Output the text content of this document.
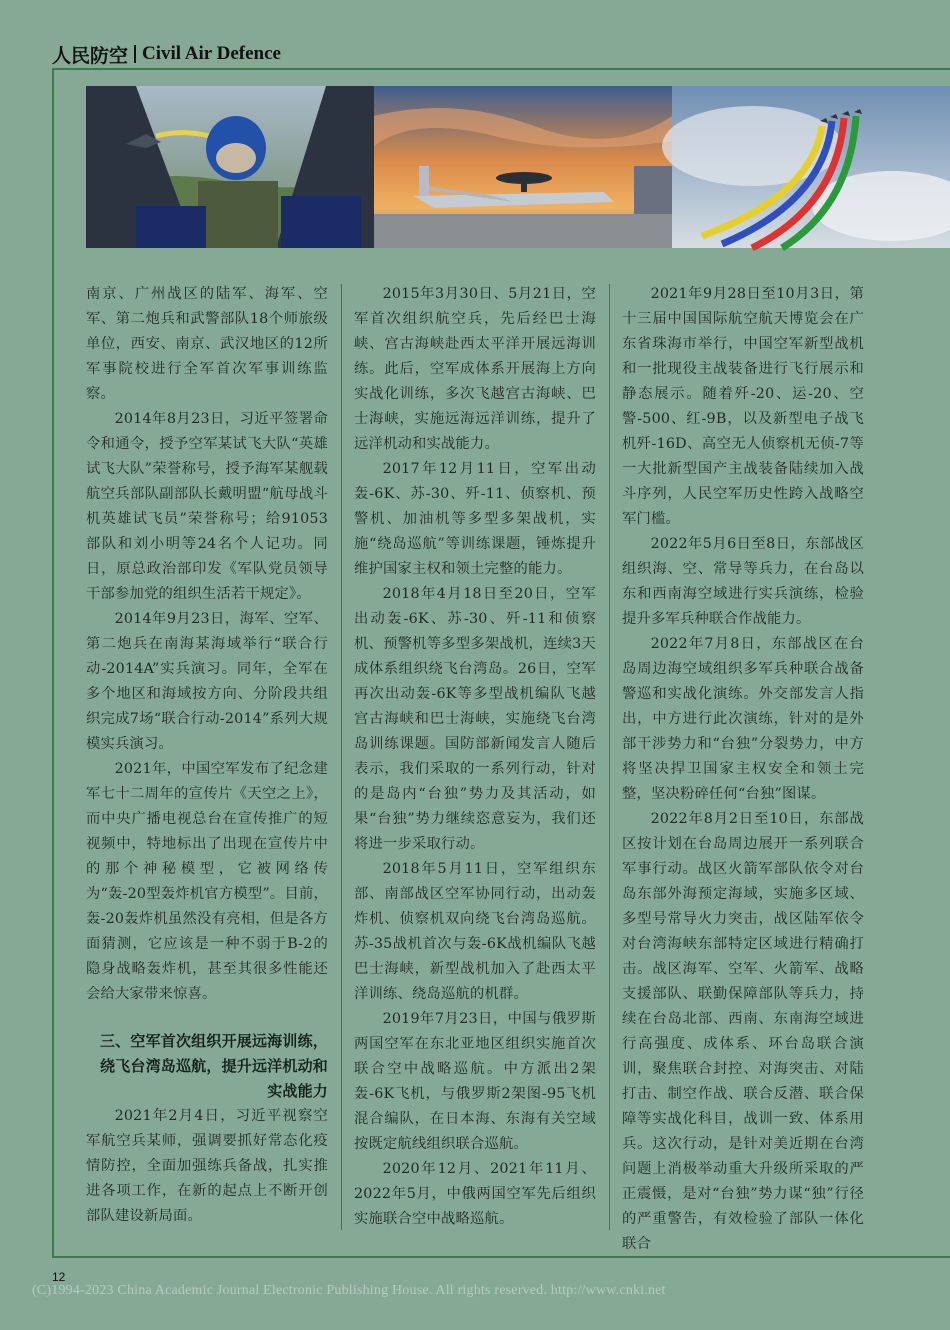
人民防空 Civil Air Defence

南京、广州战区的陆军、海军、空军、第二炮兵和武警部队18个师旅级单位，西安、南京、武汉地区的12所军事院校进行全军首次军事训练监察。

2014年8月23日，习近平签署命令和通令，授予空军某试飞大队“英雄试飞大队”荣誉称号，授予海军某舰载航空兵部队副部队长戴明盟“航母战斗机英雄试飞员”荣誉称号；给91053部队和刘小明等24名个人记功。同日，原总政治部印发《军队党员领导干部参加党的组织生活若干规定》。

2014年9月23日，海军、空军、第二炮兵在南海某海域举行“联合行动-2014A”实兵演习。同年，全军在多个地区和海域按方向、分阶段共组织完成7场“联合行动-2014”系列大规模实兵演习。

2021年，中国空军发布了纪念建军七十二周年的宣传片《天空之上》，而中央广播电视总台在宣传推广的短视频中，特地标出了出现在宣传片中的那个神秘模型，它被网络传为“轰-20型轰炸机官方模型”。目前，轰-20轰炸机虽然没有亮相，但是各方面猜测，它应该是一种不弱于B-2的隐身战略轰炸机，甚至其很多性能还会给大家带来惊喜。

三、空军首次组织开展远海训练，绕飞台湾岛巡航，提升远洋机动和实战能力

2021年2月4日，习近平视察空军航空兵某师，强调要抓好常态化疫情防控，全面加强练兵备战，扎实推进各项工作，在新的起点上不断开创部队建设新局面。

2015年3月30日、5月21日，空军首次组织航空兵，先后经巴士海峡、宫古海峡赴西太平洋开展远海训练。此后，空军成体系开展海上方向实战化训练，多次飞越宫古海峡、巴士海峡，实施远海远洋训练，提升了远洋机动和实战能力。

2017年12月11日，空军出动轰-6K、苏-30、歼-11、侦察机、预警机、加油机等多型多架战机，实施“绕岛巡航”等训练课题，锤炼提升维护国家主权和领土完整的能力。

2018年4月18日至20日，空军出动轰-6K、苏-30、歼-11和侦察机、预警机等多型多架战机，连续3天成体系组织绕飞台湾岛。26日，空军再次出动轰-6K等多型战机编队飞越宫古海峡和巴士海峡，实施绕飞台湾岛训练课题。国防部新闻发言人随后表示，我们采取的一系列行动，针对的是岛内“台独”势力及其活动，如果“台独”势力继续恣意妄为，我们还将进一步采取行动。

2018年5月11日，空军组织东部、南部战区空军协同行动，出动轰炸机、侦察机双向绕飞台湾岛巡航。苏-35战机首次与轰-6K战机编队飞越巴士海峡，新型战机加入了赴西太平洋训练、绕岛巡航的机群。

2019年7月23日，中国与俄罗斯两国空军在东北亚地区组织实施首次联合空中战略巡航。中方派出2架轰-6K飞机，与俄罗斯2架图-95飞机混合编队，在日本海、东海有关空域按既定航线组织联合巡航。

2020年12月、2021年11月、2022年5月，中俄两国空军先后组织实施联合空中战略巡航。

2021年9月28日至10月3日，第十三届中国国际航空航天博览会在广东省珠海市举行，中国空军新型战机和一批现役主战装备进行飞行展示和静态展示。随着歼-20、运-20、空警-500、红-9B，以及新型电子战飞机歼-16D、高空无人侦察机无侦-7等一大批新型国产主战装备陆续加入战斗序列，人民空军历史性跨入战略空军门槛。

2022年5月6日至8日，东部战区组织海、空、常导等兵力，在台岛以东和西南海空域进行实兵演练，检验提升多军兵种联合作战能力。

2022年7月8日，东部战区在台岛周边海空域组织多军兵种联合战备警巡和实战化演练。外交部发言人指出，中方进行此次演练，针对的是外部干涉势力和“台独”分裂势力，中方将坚决捍卫国家主权安全和领土完整，坚决粉碎任何“台独”图谋。

2022年8月2日至10日，东部战区按计划在台岛周边展开一系列联合军事行动。战区火箭军部队依令对台岛东部外海预定海域，实施多区域、多型号常导火力突击，战区陆军依令对台湾海峡东部特定区域进行精确打击。战区海军、空军、火箭军、战略支援部队、联勤保障部队等兵力，持续在台岛北部、西南、东南海空域进行高强度、成体系、环台岛联合演训，聚焦联合封控、对海突击、对陆打击、制空作战、联合反潜、联合保障等实战化科目，战训一致、体系用兵。这次行动，是针对美近期在台湾问题上消极举动重大升级所采取的严正震慑，是对“台独”势力谋“独”行径的严重警告，有效检验了部队一体化联合

12
(C)1994-2023 China Academic Journal Electronic Publishing House. All rights reserved. http://www.cnki.net
